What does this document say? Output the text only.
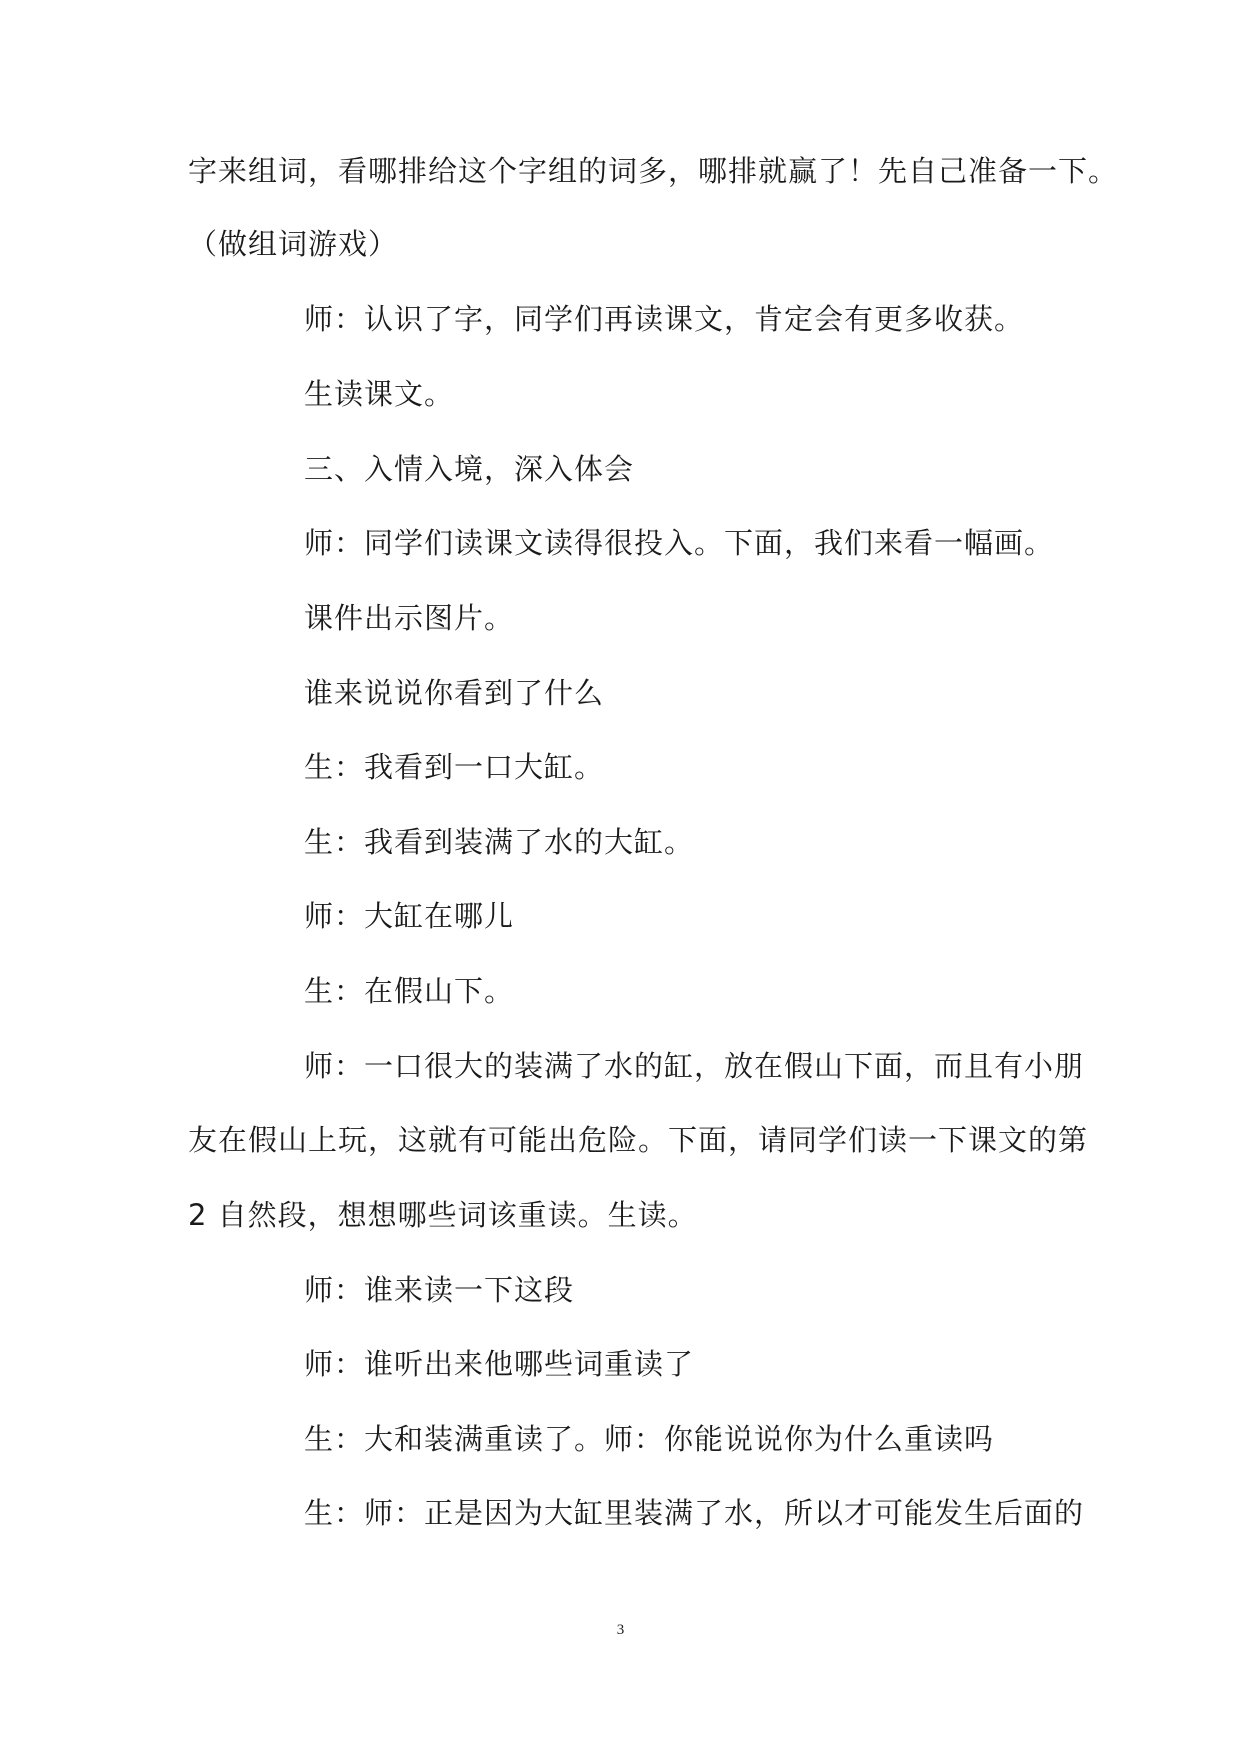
字来组词，看哪排给这个字组的词多，哪排就赢了！先自己准备一下。
（做组词游戏）
师：认识了字，同学们再读课文，肯定会有更多收获。
生读课文。
三、入情入境，深入体会
师：同学们读课文读得很投入。下面，我们来看一幅画。
课件出示图片。
谁来说说你看到了什么
生：我看到一口大缸。
生：我看到装满了水的大缸。
师：大缸在哪儿
生：在假山下。
师：一口很大的装满了水的缸，放在假山下面，而且有小朋
友在假山上玩，这就有可能出危险。下面，请同学们读一下课文的第
2 自然段，想想哪些词该重读。生读。
师：谁来读一下这段
师：谁听出来他哪些词重读了
生：大和装满重读了。师：你能说说你为什么重读吗
生：师：正是因为大缸里装满了水，所以才可能发生后面的
3
